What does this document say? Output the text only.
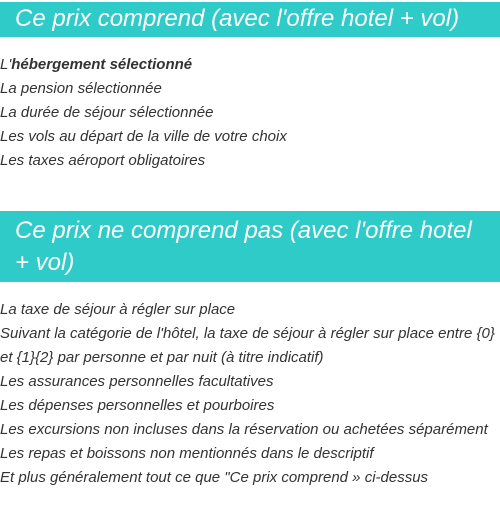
Ce prix comprend (avec l'offre hotel + vol)
L'hébergement sélectionné
La pension sélectionnée
La durée de séjour sélectionnée
Les vols au départ de la ville de votre choix
Les taxes aéroport obligatoires
Ce prix ne comprend pas (avec l'offre hotel + vol)
La taxe de séjour à régler sur place
Suivant la catégorie de l'hôtel, la taxe de séjour à régler sur place entre {0} et {1}{2} par personne et par nuit (à titre indicatif)
Les assurances personnelles facultatives
Les dépenses personnelles et pourboires
Les excursions non incluses dans la réservation ou achetées séparément
Les repas et boissons non mentionnés dans le descriptif
Et plus généralement tout ce que "Ce prix comprend » ci-dessus
